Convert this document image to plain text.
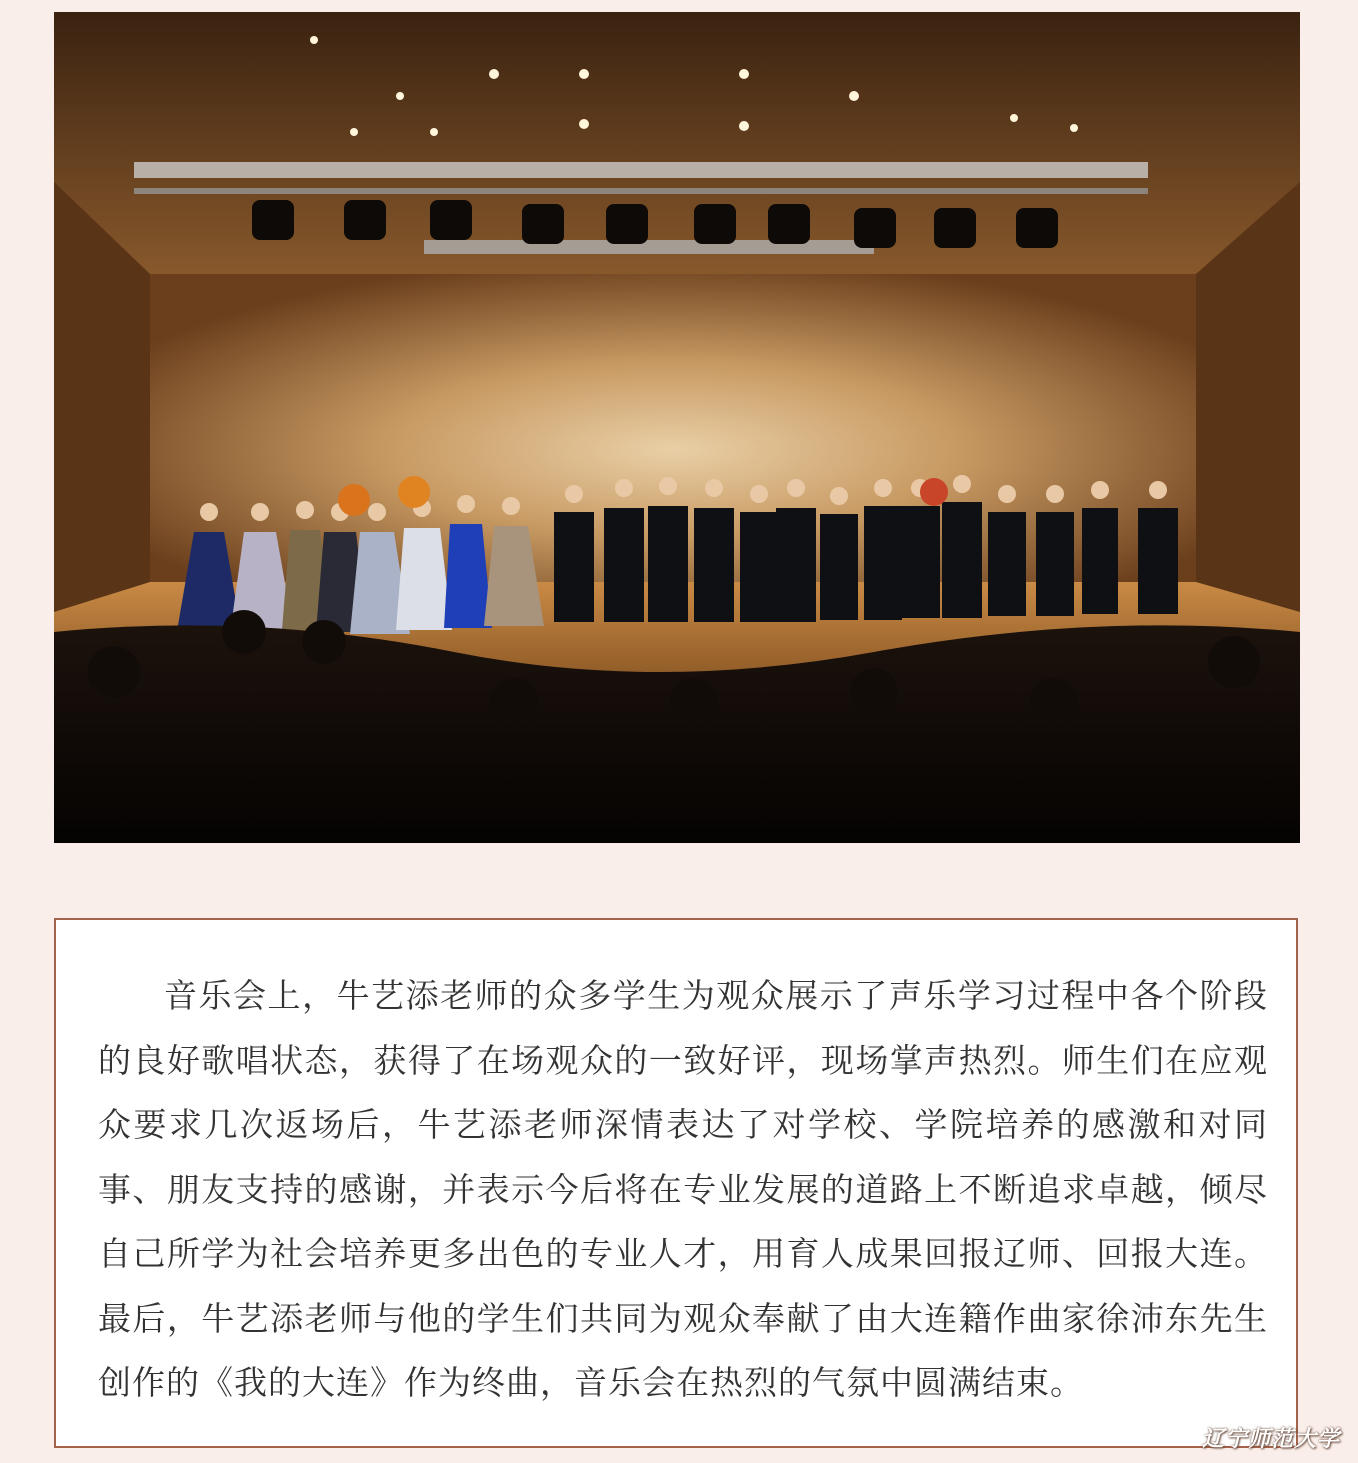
音乐会上，牛艺添老师的众多学生为观众展示了声乐学习过程中各个阶段的良好歌唱状态，获得了在场观众的一致好评，现场掌声热烈。师生们在应观众要求几次返场后，牛艺添老师深情表达了对学校、学院培养的感激和对同事、朋友支持的感谢，并表示今后将在专业发展的道路上不断追求卓越，倾尽自己所学为社会培养更多出色的专业人才，用育人成果回报辽师、回报大连。最后，牛艺添老师与他的学生们共同为观众奉献了由大连籍作曲家徐沛东先生创作的《我的大连》作为终曲，音乐会在热烈的气氛中圆满结束。

辽宁师范大学
